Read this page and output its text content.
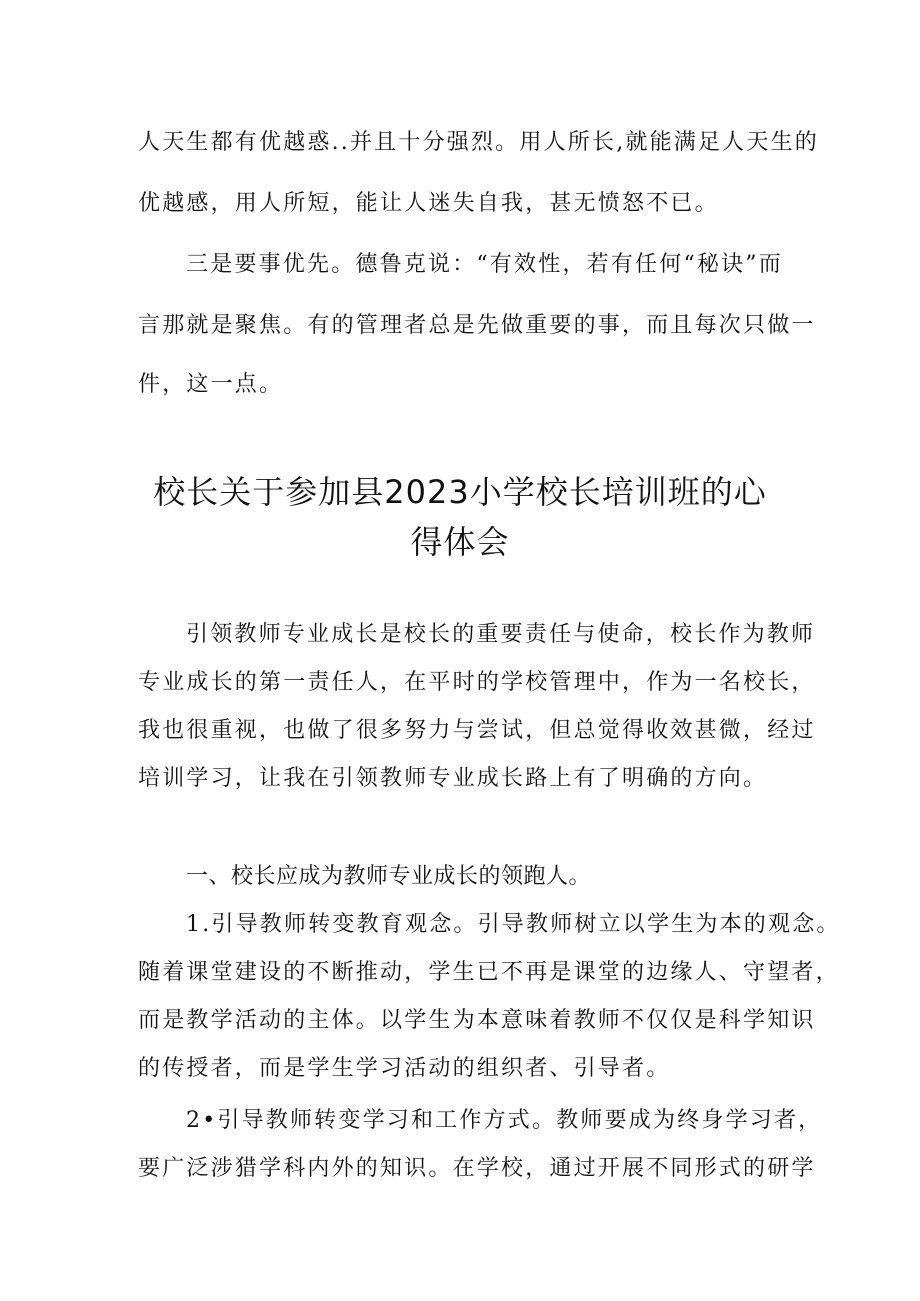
人天生都有优越惑..并且十分强烈。用人所长,就能满足人天生的
优越感，用人所短，能让人迷失自我，甚无愤怒不已。
三是要事优先。德鲁克说：“有效性，若有任何“秘诀”而
言那就是聚焦。有的管理者总是先做重要的事，而且每次只做一
件，这一点。
校长关于参加县2023小学校长培训班的心
得体会
引领教师专业成长是校长的重要责任与使命，校长作为教师
专业成长的第一责任人，在平时的学校管理中，作为一名校长，
我也很重视，也做了很多努力与尝试，但总觉得收效甚微，经过
培训学习，让我在引领教师专业成长路上有了明确的方向。
一、校长应成为教师专业成长的领跑人。
1.引导教师转变教育观念。引导教师树立以学生为本的观念。
随着课堂建设的不断推动，学生已不再是课堂的边缘人、守望者，
而是教学活动的主体。以学生为本意味着教师不仅仅是科学知识
的传授者，而是学生学习活动的组织者、引导者。
2•引导教师转变学习和工作方式。教师要成为终身学习者，
要广泛涉猎学科内外的知识。在学校，通过开展不同形式的研学
